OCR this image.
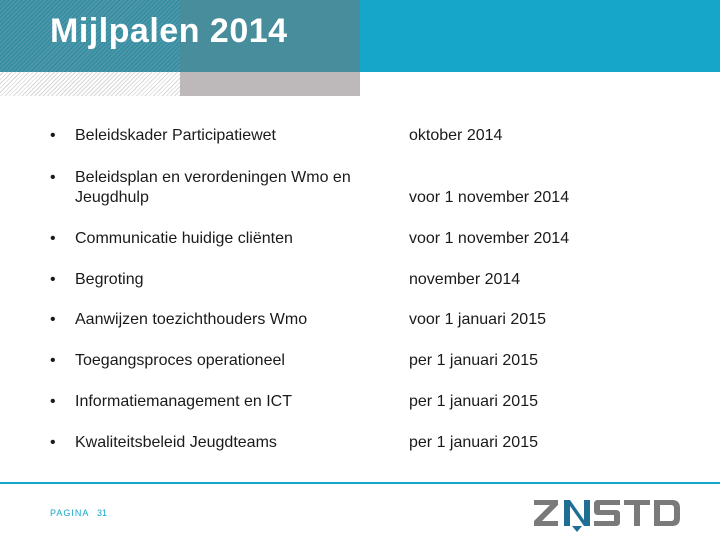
Mijlpalen 2014
• Beleidskader Participatiewet	oktober 2014
• Beleidsplan en verordeningen Wmo en Jeugdhulp	voor 1 november 2014
• Communicatie huidige cliënten	voor 1 november 2014
• Begroting	november 2014
• Aanwijzen toezichthouders Wmo	voor 1 januari 2015
• Toegangsproces operationeel	per 1 januari 2015
• Informatiemanagement en ICT	per 1 januari 2015
• Kwaliteitsbeleid Jeugdteams	per 1 januari 2015
PAGINA 31
